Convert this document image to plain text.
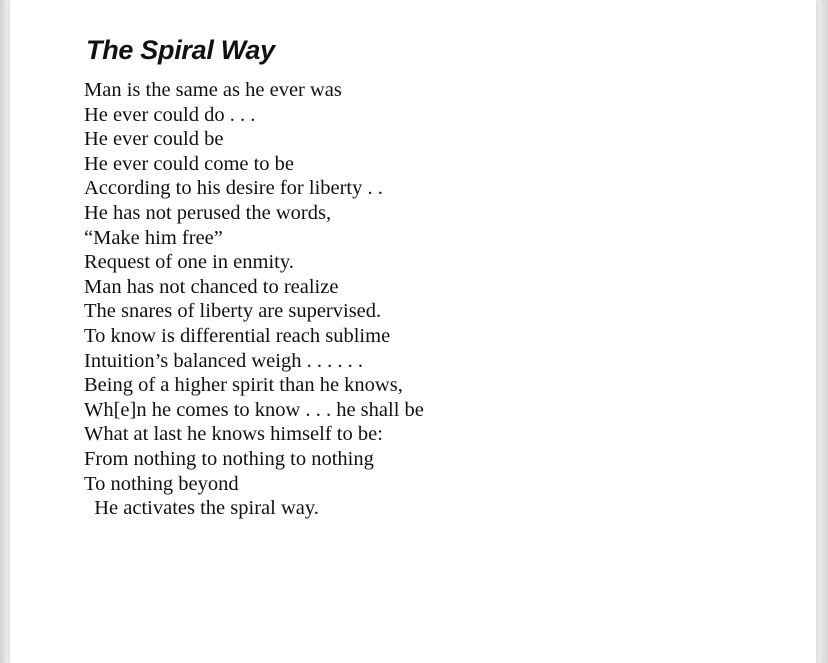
The Spiral Way
Man is the same as he ever was
He ever could do . . .
He ever could be
He ever could come to be
According to his desire for liberty . .
He has not perused the words,
“Make him free”
Request of one in enmity.
Man has not chanced to realize
The snares of liberty are supervised.
To know is differential reach sublime
Intuition’s balanced weigh . . . . . .
Being of a higher spirit than he knows,
Wh[e]n he comes to know . . . he shall be
What at last he knows himself to be:
From nothing to nothing to nothing
To nothing beyond
He activates the spiral way.
